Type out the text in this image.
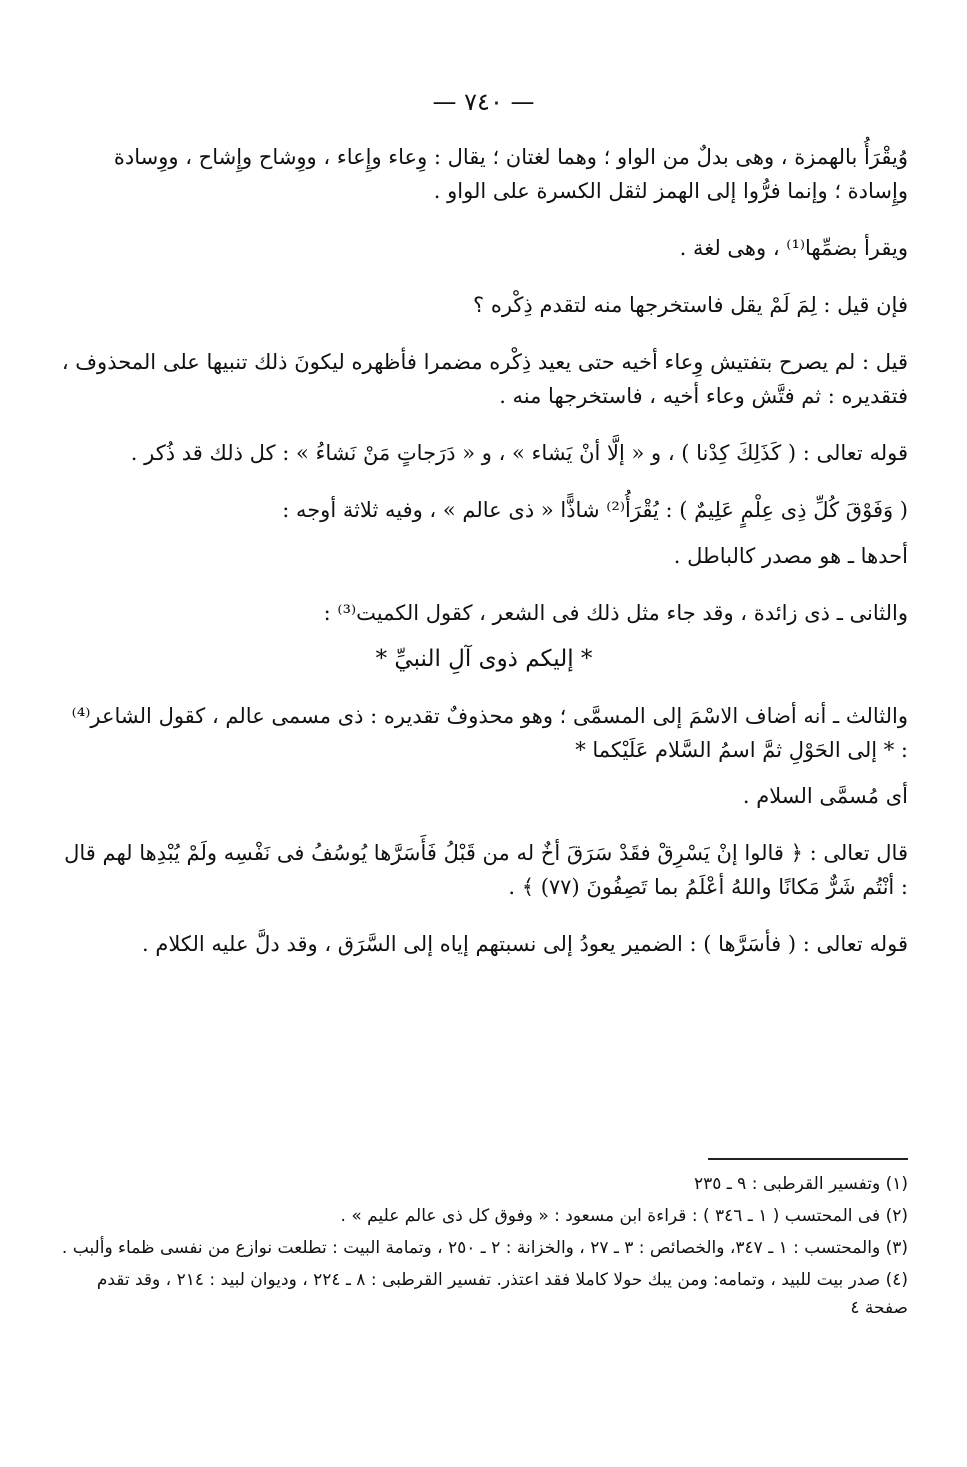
— ٧٤٠ —

وُيقْرَأُ بالهمزة ، وهى بدلٌ من الواو ؛ وهما لغتان ؛ يقال : وِعاء وإِعاء ، ووِشاح وإِشاح ، ووِسادة وإِسادة ؛ وإنما فرُّوا إلى الهمز لثقل الكسرة على الواو .

ويقرأ بضمِّها⁽¹⁾ ، وهى لغة .

فإن قيل : لِمَ لَمْ يقل فاستخرجها منه لتقدم ذِكْره ؟

قيل : لم يصرح بتفتيش وِعاء أخيه حتى يعيد ذِكْره مضمرا فأظهره ليكونَ ذلك تنبيها على المحذوف ، فتقديره : ثم فتَّش وعاء أخيه ، فاستخرجها منه .

قوله تعالى : ( كَذَلِكَ كِدْنا ) ، و « إلَّا أنْ يَشاء » ، و « دَرَجاتٍ مَنْ نَشاءُ » : كل ذلك قد ذُكر .

( وَفَوْقَ كُلِّ ذِى عِلْمٍ عَلِيمٌ ) : يُقْرَأُ⁽²⁾ شاذًّا « ذى عالم » ، وفيه ثلاثة أوجه :

أحدها ـ هو مصدر كالباطل .

والثانى ـ ذى زائدة ، وقد جاء مثل ذلك فى الشعر ، كقول الكميت⁽³⁾ :

* إليكم ذوى آلِ النبيِّ *

والثالث ـ أنه أضاف الاسْمَ إلى المسمَّى ؛ وهو محذوفٌ تقديره : ذى مسمى عالم ، كقول الشاعر⁽⁴⁾ : * إلى الحَوْلِ ثمَّ اسمُ السَّلام عَلَيْكما *

أى مُسمَّى السلام .

قال تعالى : ﴿ قالوا إنْ يَسْرِقْ فقَدْ سَرَقَ أخٌ له من قَبْلُ فَأَسَرَّها يُوسُفُ فى نَفْسِه ولَمْ يُبْدِها لهم قال : أنْتُم شَرٌّ مَكانًا واللهُ أعْلَمُ بما تَصِفُونَ (٧٧) ﴾ .

قوله تعالى : ( فأسَرَّها ) : الضمير يعودُ إلى نسبتهم إياه إلى السَّرَق ، وقد دلَّ عليه الكلام .

(١) وتفسير القرطبى : ٩ ـ ٢٣٥

(٢) فى المحتسب ( ١ ـ ٣٤٦ ) : قراءة ابن مسعود : « وفوق كل ذى عالم عليم » .

(٣) والمحتسب : ١ ـ ٣٤٧، والخصائص : ٣ ـ ٢٧ ، والخزانة : ٢ ـ ٢٥٠ ، وتمامة البيت : تطلعت نوازع من نفسى ظماء وألبب .

(٤) صدر بيت للبيد ، وتمامه: ومن يبك حولا كاملا فقد اعتذر. تفسير القرطبى : ٨ ـ ٢٢٤ ، وديوان لبيد : ٢١٤ ، وقد تقدم صفحة ٤
